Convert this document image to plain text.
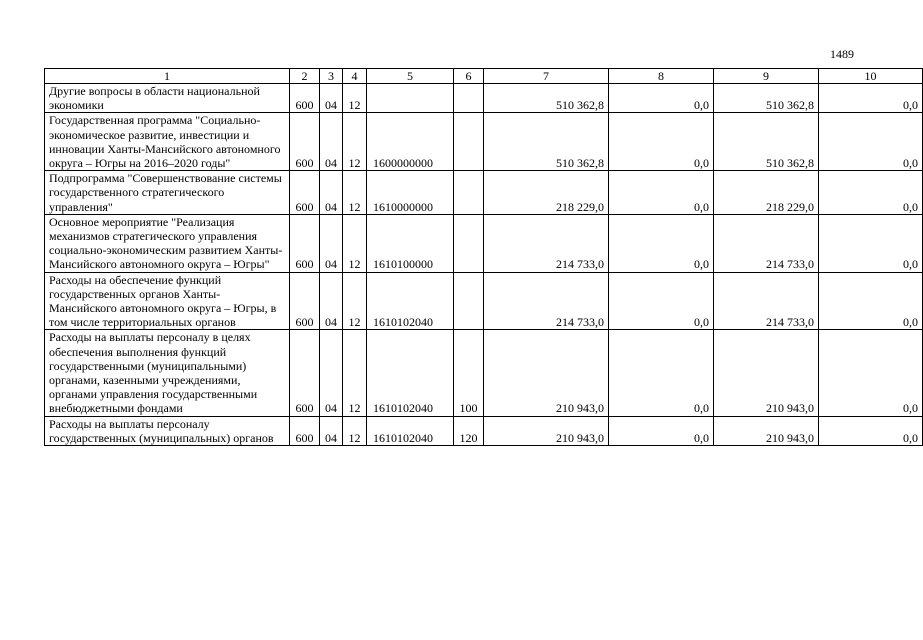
1489
1	2	3	4	5	6	7	8	9	10
Другие вопросы в области национальной экономики	600	04	12			510 362,8	0,0	510 362,8	0,0
Государственная программа "Социально-экономическое развитие, инвестиции и инновации Ханты-Мансийского автономного округа – Югры на 2016–2020 годы"	600	04	12	1600000000		510 362,8	0,0	510 362,8	0,0
Подпрограмма "Совершенствование системы государственного стратегического управления"	600	04	12	1610000000		218 229,0	0,0	218 229,0	0,0
Основное мероприятие "Реализация механизмов стратегического управления социально-экономическим развитием Ханты-Мансийского автономного округа – Югры"	600	04	12	1610100000		214 733,0	0,0	214 733,0	0,0
Расходы на обеспечение функций государственных органов Ханты-Мансийского автономного округа – Югры, в том числе территориальных органов	600	04	12	1610102040		214 733,0	0,0	214 733,0	0,0
Расходы на выплаты персоналу в целях обеспечения выполнения функций государственными (муниципальными) органами, казенными учреждениями, органами управления государственными внебюджетными фондами	600	04	12	1610102040	100	210 943,0	0,0	210 943,0	0,0
Расходы на выплаты персоналу государственных (муниципальных) органов	600	04	12	1610102040	120	210 943,0	0,0	210 943,0	0,0
